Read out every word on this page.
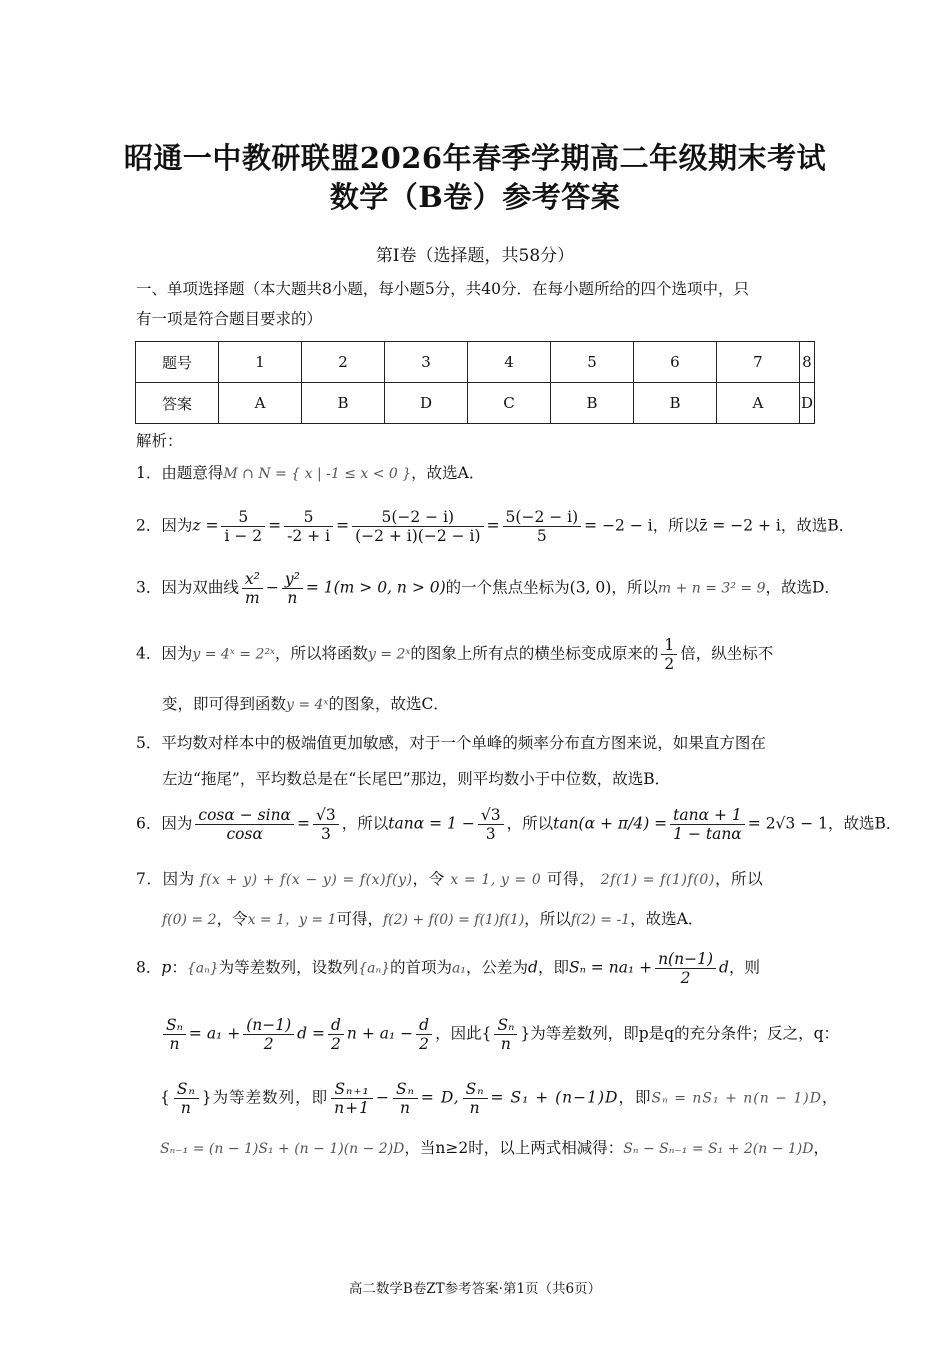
昭通一中教研联盟2026年春季学期高二年级期末考试
数学（B卷）参考答案
第Ⅰ卷（选择题，共58分）
一、单项选择题（本大题共8小题，每小题5分，共40分．在每小题所给的四个选项中，只
有一项是符合题目要求的）
题号	1	2	3	4	5	6	7	8
答案	A	B	D	C	B	B	A	D
解析：
1．由题意得M ∩ N = { x | -1 ≤ x < 0 }，故选A．
2．因为$z = \frac{5}{i - 2} = \frac{5}{-2 + i} = \frac{5(-2 - i)}{(-2 + i)(-2 - i)} = \frac{5(-2 - i)}{5} = -2 - i$，所以z̄ = −2 + i，故选B．
3．因为双曲线 $\frac{\text{x²}}{m} - \frac{\text{y²}}{n} = 1(m > 0$, n > 0)的一个焦点坐标为(3, 0)，所以m + n = 3² = 9，故选D．
4．因为y = 4ˣ = 2²ˣ，所以将函数y = 2ˣ的图象上所有点的横坐标变成原来的 $\frac{1}{2}$ 倍，纵坐标不
变，即可得到函数y = 4ˣ的图象，故选C．
5．平均数对样本中的极端值更加敏感，对于一个单峰的频率分布直方图来说，如果直方图在
左边“拖尾”，平均数总是在“长尾巴”那边，则平均数小于中位数，故选B．
6．因为 $\frac{\cos\alpha - \sin\alpha}{\cos\alpha} = \frac{√3}{3}$ ，所以$\tan\alpha = 1 - \frac{√3}{3}$ ，所以$\tan(\alpha + \pi/4) = \frac{\tan\alpha + 1}{1 - \tan\alpha} = 2√3 - 1$，故选B．
7．因为 f(x + y) + f(x − y) = f(x)f(y)，令 x = 1, y = 0 可得， 2f(1) = f(1)f(0)，所以
f(0) = 2，令x = 1，y = 1可得，f(2) + f(0) = f(1)f(1)，所以f(2) = -1，故选A．
8．p：{aₙ}为等差数列，设数列{aₙ}的首项为a₁，公差为d，即$S_n = na_1 + \frac{n(n-1)}{2}$ d，则
$\frac{\text{Sₙ}}{n} = a_1 + \frac{(n-1)}{2}$ $d = \frac{d}{2}$ $n + a_1 - \frac{d}{2}$ ，因此{ $\frac{\text{Sₙ}}{n}$ }为等差数列，即p是q的充分条件；反之，q：
{ $\frac{\text{Sₙ}}{n}$ }为等差数列，即 $\frac{\text{Sₙ₊₁}}{n+1} - \frac{\text{Sₙ}}{n} = D$, $\frac{\text{Sₙ}}{n} = S_1 + (n-1)D$，即Sₙ = nS₁ + n(n − 1)D，
Sₙ₋₁ = (n − 1)S₁ + (n − 1)(n − 2)D，当n≥2时，以上两式相减得：Sₙ − Sₙ₋₁ = S₁ + 2(n − 1)D，
高二数学B卷ZT参考答案·第1页（共6页）
